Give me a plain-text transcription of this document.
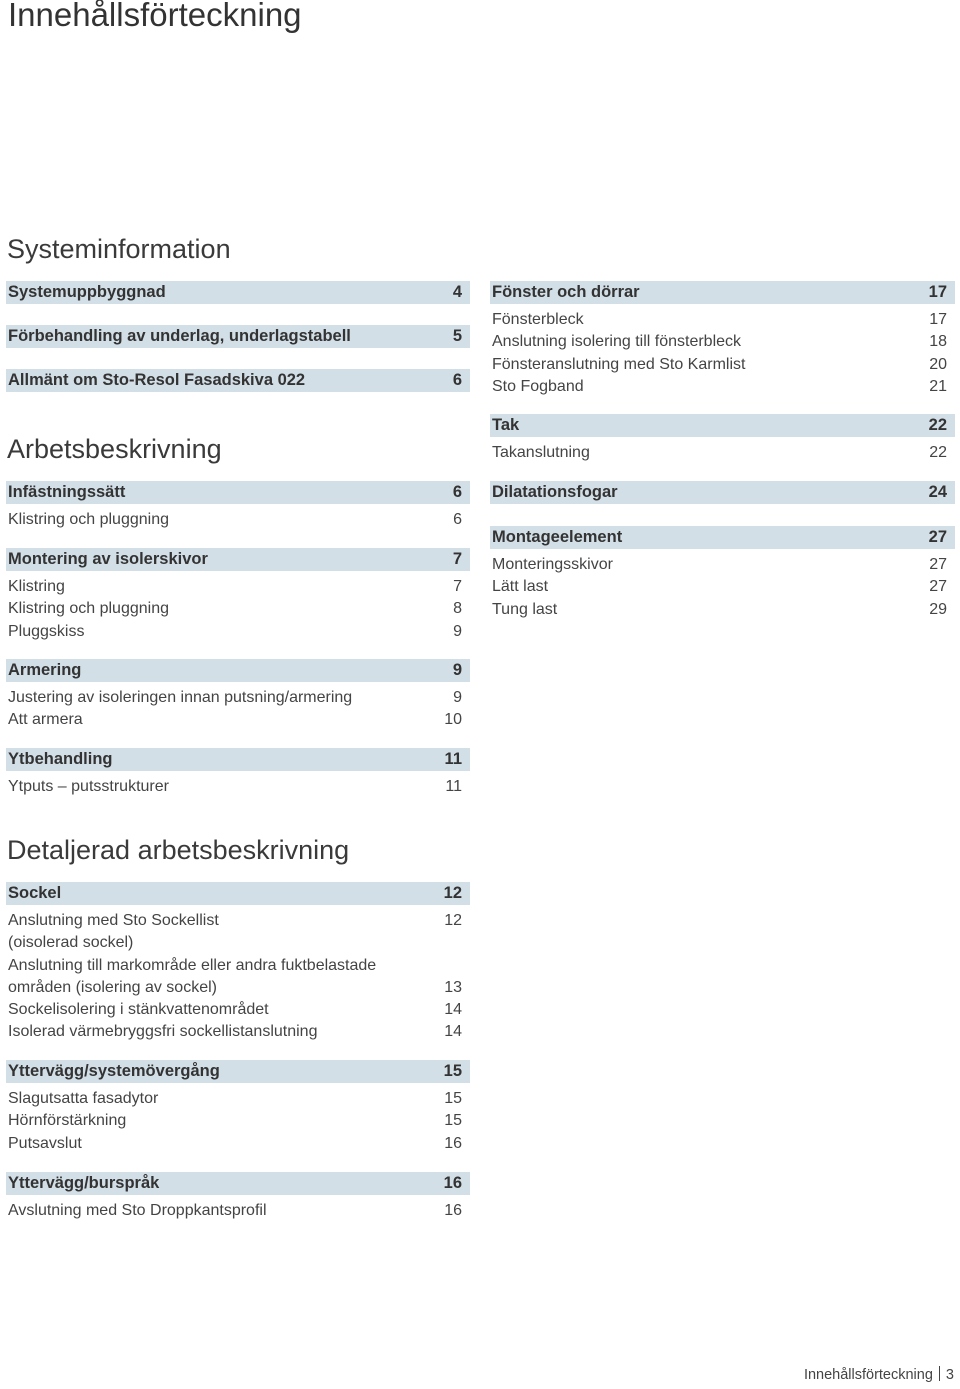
Innehållsförteckning
Systeminformation
Systemuppbyggnad	4
Förbehandling av underlag, underlagstabell	5
Allmänt om Sto-Resol Fasadskiva 022	6
Arbetsbeskrivning
Infästningssätt	6
Klistring och pluggning	6
Montering av isolerskivor	7
Klistring	7
Klistring och pluggning	8
Pluggskiss	9
Armering	9
Justering av isoleringen innan putsning/armering	9
Att armera	10
Ytbehandling	11
Ytputs – putsstrukturer	11
Fönster och dörrar	17
Fönsterbleck	17
Anslutning isolering till fönsterbleck	18
Fönsteranslutning med Sto Karmlist	20
Sto Fogband	21
Tak	22
Takanslutning	22
Dilatationsfogar	24
Montageelement	27
Monteringsskivor	27
Lätt last	27
Tung last	29
Detaljerad arbetsbeskrivning
Sockel	12
Anslutning med Sto Sockellist	12
(oisolerad sockel)
Anslutning till markområde eller andra fuktbelastade
områden (isolering av sockel)	13
Sockelisolering i stänkvattenområdet	14
Isolerad värmebryggsfri sockellistanslutning	14
Yttervägg/systemövergång	15
Slagutsatta fasadytor	15
Hörnförstärkning	15
Putsavslut	16
Yttervägg/burspråk	16
Avslutning med Sto Droppkantsprofil	16
Innehållsförteckning 3
